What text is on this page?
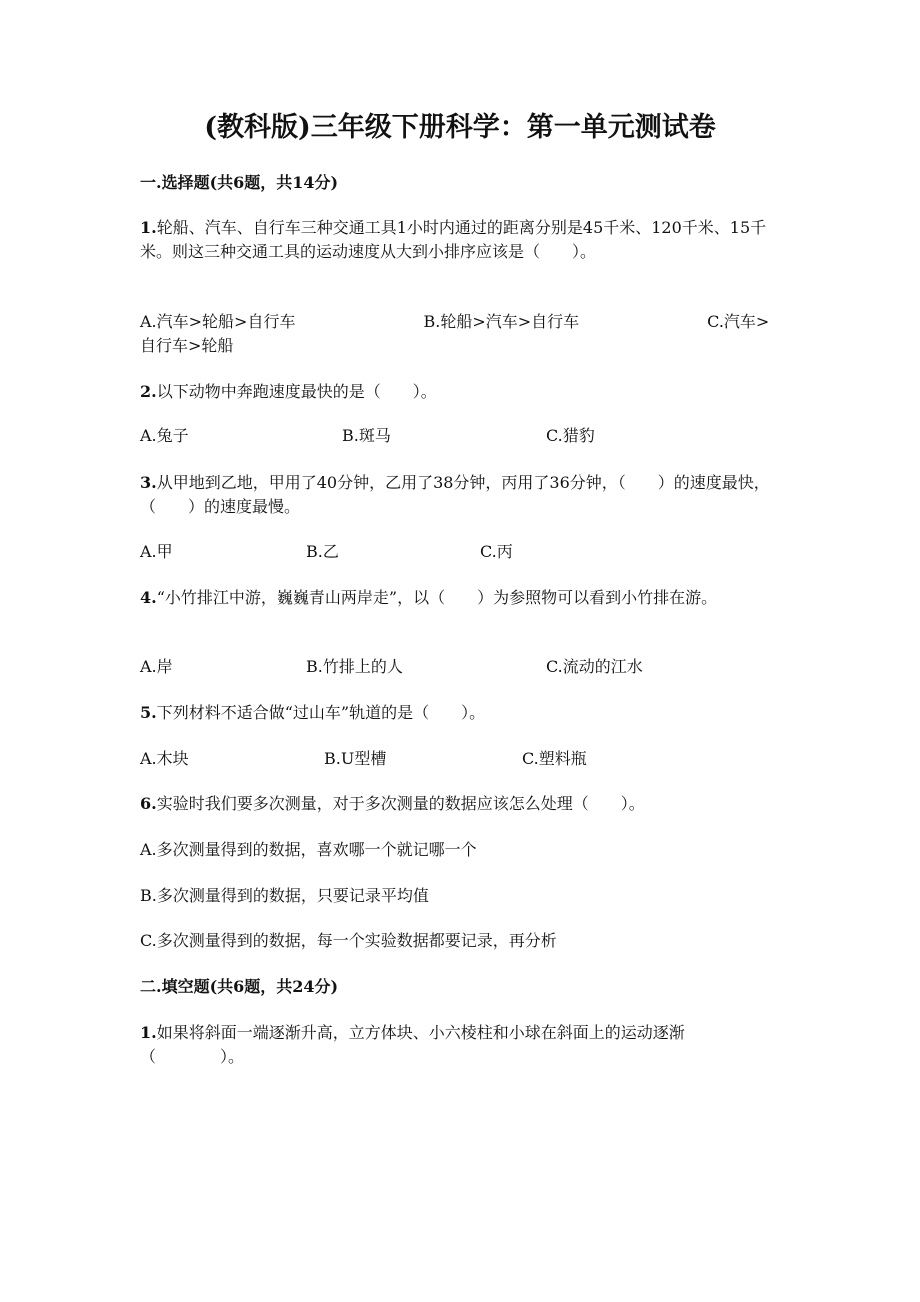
(教科版)三年级下册科学：第一单元测试卷
一.选择题(共6题，共14分)
1.轮船、汽车、自行车三种交通工具1小时内通过的距离分别是45千米、120千米、15千米。则这三种交通工具的运动速度从大到小排序应该是（　　）。
A.汽车>轮船>自行车	B.轮船>汽车>自行车	C.汽车>自行车>轮船
2.以下动物中奔跑速度最快的是（　　）。
A.兔子	B.斑马	C.猎豹
3.从甲地到乙地，甲用了40分钟，乙用了38分钟，丙用了36分钟，（　　）的速度最快，（　　）的速度最慢。
A.甲	B.乙	C.丙
4.“小竹排江中游，巍巍青山两岸走”，以（　　）为参照物可以看到小竹排在游。
A.岸	B.竹排上的人	C.流动的江水
5.下列材料不适合做“过山车”轨道的是（　　）。
A.木块	B.U型槽	C.塑料瓶
6.实验时我们要多次测量，对于多次测量的数据应该怎么处理（　　）。
A.多次测量得到的数据，喜欢哪一个就记哪一个
B.多次测量得到的数据，只要记录平均值
C.多次测量得到的数据，每一个实验数据都要记录，再分析
二.填空题(共6题，共24分)
1.如果将斜面一端逐渐升高，立方体块、小六棱柱和小球在斜面上的运动逐渐（　　　　）。
